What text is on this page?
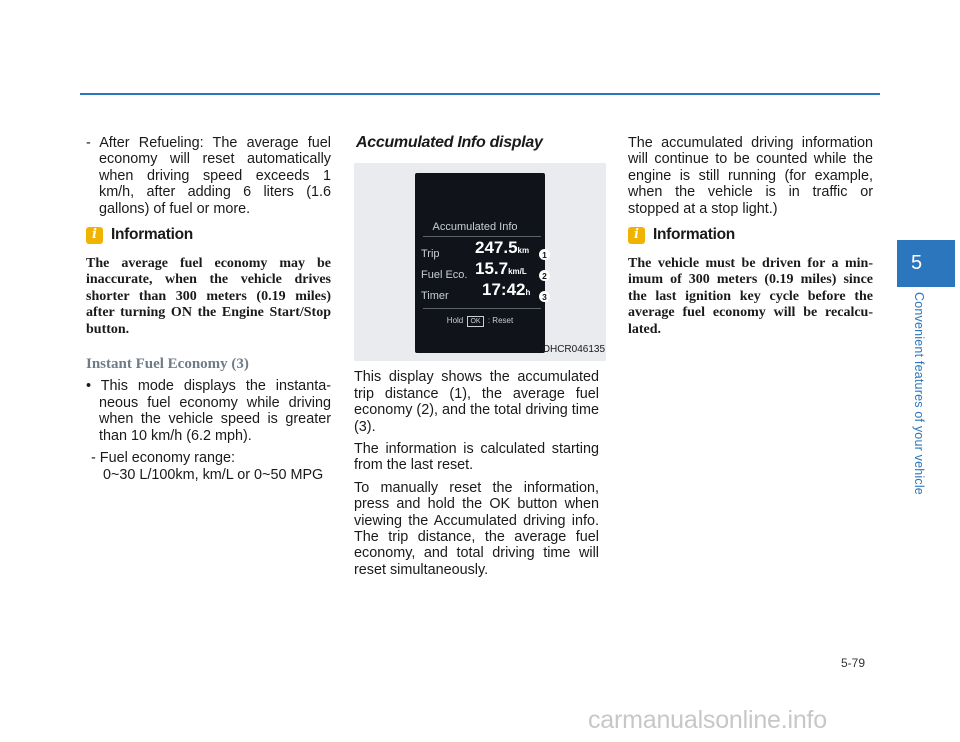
- After Refueling: The average fuel economy will reset automatically when driving speed exceeds 1 km/h, after adding 6 liters (1.6 gallons) of fuel or more.

i Information

The average fuel economy may be inaccurate, when the vehicle drives shorter than 300 meters (0.19 miles) after turning ON the Engine Start/Stop button.

Instant Fuel Economy (3)

• This mode displays the instanta-neous fuel economy while driving when the vehicle speed is greater than 10 km/h (6.2 mph).

- Fuel economy range:
0~30 L/100km, km/L or 0~50 MPG
Accumulated Info display
Accumulated Info
Trip 247.5km	1
Fuel Eco. 15.7km/L	2
Timer 17:42h	3
Hold OK : Reset
OHCR046135

This display shows the accumulated trip distance (1), the average fuel economy (2), and the total driving time (3).

The information is calculated starting from the last reset.

To manually reset the information, press and hold the OK button when viewing the Accumulated driving info. The trip distance, the average fuel economy, and total driving time will reset simultaneously.

The accumulated driving information will continue to be counted while the engine is still running (for example, when the vehicle is in traffic or stopped at a stop light.)

i Information

The vehicle must be driven for a min-imum of 300 meters (0.19 miles) since the last ignition key cycle before the average fuel economy will be recalcu-lated.

5
Convenient features of your vehicle
5-79
carmanualsonline.info
